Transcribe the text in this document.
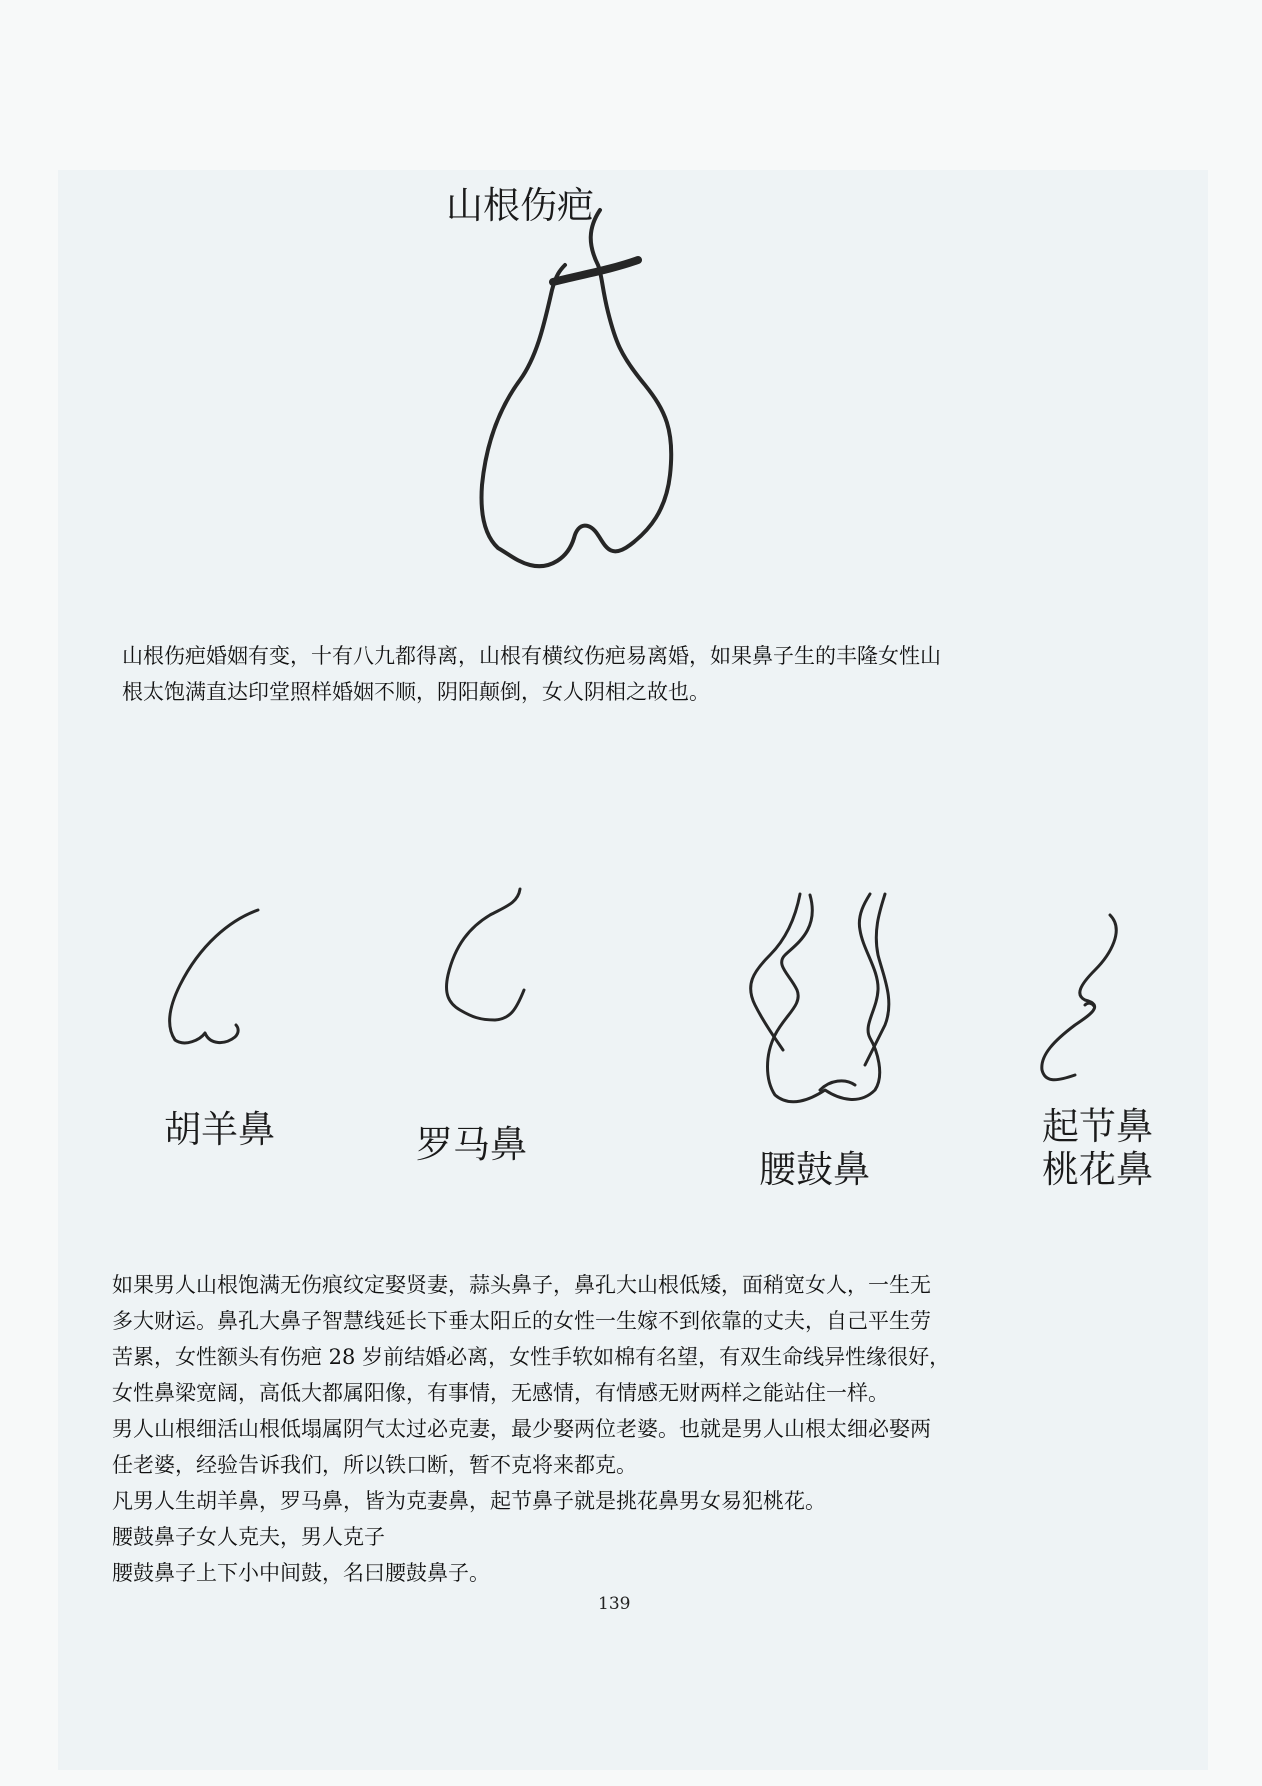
山根伤疤
山根伤疤婚姻有变，十有八九都得离，山根有横纹伤疤易离婚，如果鼻子生的丰隆女性山
根太饱满直达印堂照样婚姻不顺，阴阳颠倒，女人阴相之故也。
胡羊鼻	罗马鼻
腰鼓鼻
起节鼻
桃花鼻
如果男人山根饱满无伤痕纹定娶贤妻，蒜头鼻子，鼻孔大山根低矮，面稍宽女人，一生无
多大财运。鼻孔大鼻子智慧线延长下垂太阳丘的女性一生嫁不到依靠的丈夫，自己平生劳
苦累，女性额头有伤疤 28 岁前结婚必离，女性手软如棉有名望，有双生命线异性缘很好，
女性鼻梁宽阔，高低大都属阳像，有事情，无感情，有情感无财两样之能站住一样。
男人山根细活山根低塌属阴气太过必克妻，最少娶两位老婆。也就是男人山根太细必娶两
任老婆，经验告诉我们，所以铁口断，暂不克将来都克。
凡男人生胡羊鼻，罗马鼻，皆为克妻鼻，起节鼻子就是挑花鼻男女易犯桃花。
腰鼓鼻子女人克夫，男人克子
腰鼓鼻子上下小中间鼓，名曰腰鼓鼻子。
139
